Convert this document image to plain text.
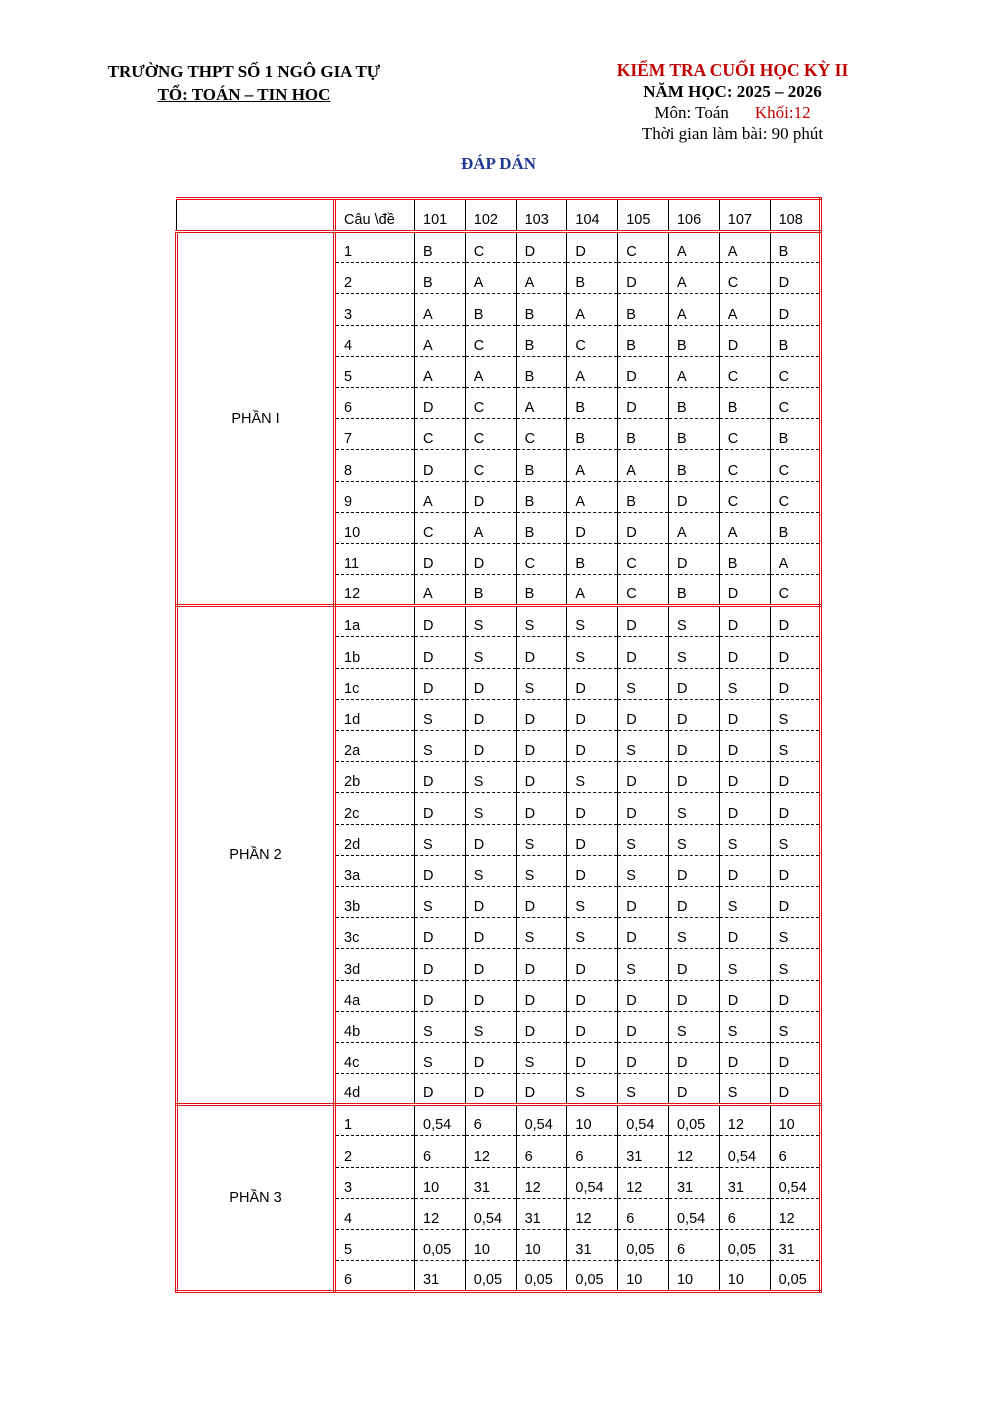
TRƯỜNG THPT SỐ 1 NGÔ GIA TỰ
TỔ: TOÁN – TIN HOC
KIỂM TRA CUỐI HỌC KỲ II
NĂM HỌC: 2025 – 2026
Môn: Toán Khối:12
Thời gian làm bài: 90 phút
ĐÁP DÁN
	Câu \đề	101	102	103	104	105	106	107	108
PHẦN I	1	B	C	D	D	C	A	A	B
	2	B	A	A	B	D	A	C	D
	3	A	B	B	A	B	A	A	D
	4	A	C	B	C	B	B	D	B
	5	A	A	B	A	D	A	C	C
	6	D	C	A	B	D	B	B	C
	7	C	C	C	B	B	B	C	B
	8	D	C	B	A	A	B	C	C
	9	A	D	B	A	B	D	C	C
	10	C	A	B	D	D	A	A	B
	11	D	D	C	B	C	D	B	A
	12	A	B	B	A	C	B	D	C
PHẦN 2	1a	D	S	S	S	D	S	D	D
	1b	D	S	D	S	D	S	D	D
	1c	D	D	S	D	S	D	S	D
	1d	S	D	D	D	D	D	D	S
	2a	S	D	D	D	S	D	D	S
	2b	D	S	D	S	D	D	D	D
	2c	D	S	D	D	D	S	D	D
	2d	S	D	S	D	S	S	S	S
	3a	D	S	S	D	S	D	D	D
	3b	S	D	D	S	D	D	S	D
	3c	D	D	S	S	D	S	D	S
	3d	D	D	D	D	S	D	S	S
	4a	D	D	D	D	D	D	D	D
	4b	S	S	D	D	D	S	S	S
	4c	S	D	S	D	D	D	D	D
	4d	D	D	D	S	S	D	S	D
PHẦN 3	1	0,54	6	0,54	10	0,54	0,05	12	10
	2	6	12	6	6	31	12	0,54	6
	3	10	31	12	0,54	12	31	31	0,54
	4	12	0,54	31	12	6	0,54	6	12
	5	0,05	10	10	31	0,05	6	0,05	31
	6	31	0,05	0,05	0,05	10	10	10	0,05
